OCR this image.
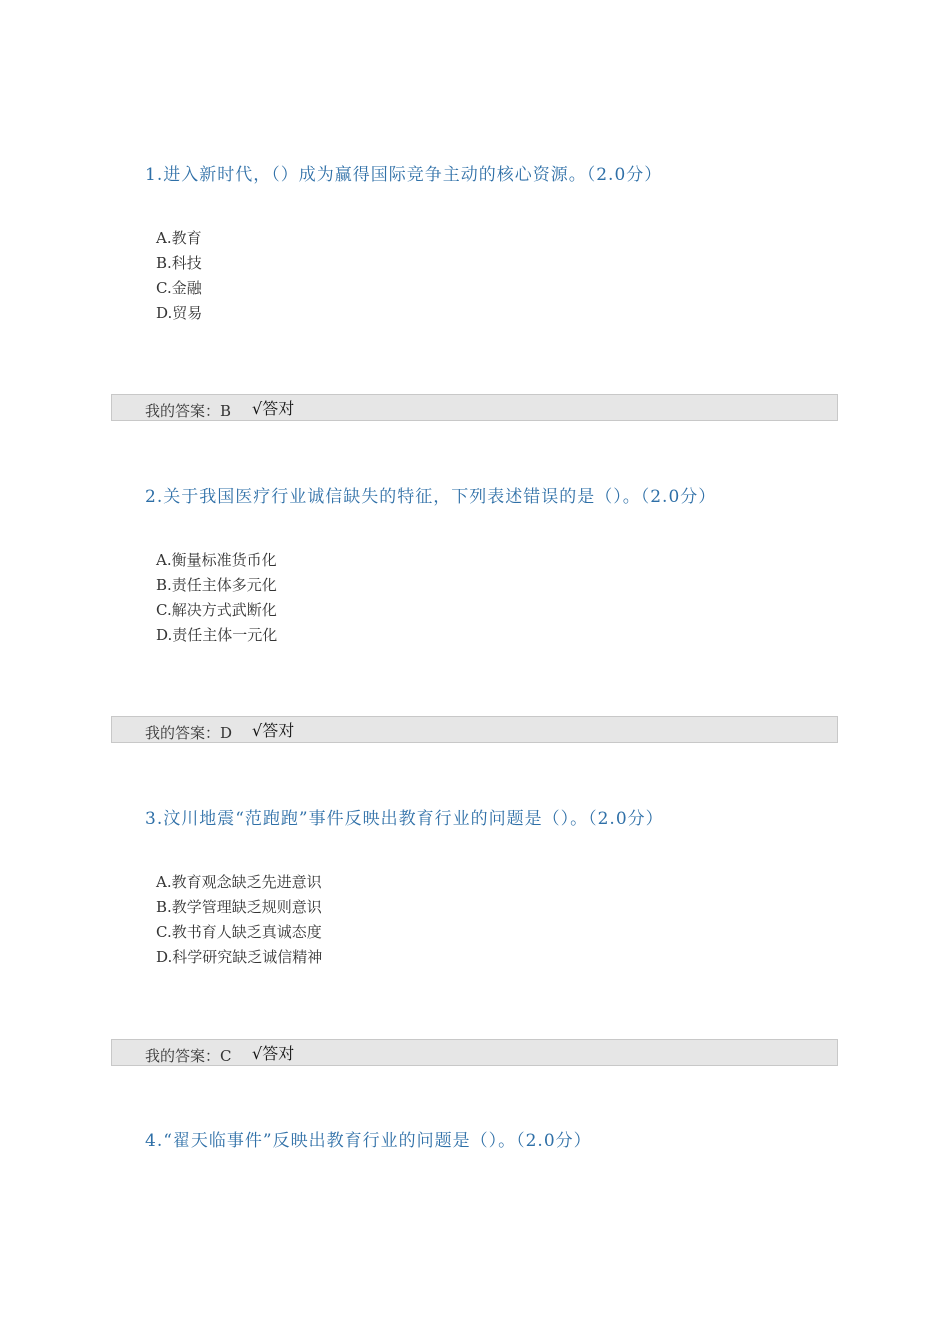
1.进入新时代，（）成为赢得国际竞争主动的核心资源。（2.0分）
A.教育
B.科技
C.金融
D.贸易
我的答案：B √答对
2.关于我国医疗行业诚信缺失的特征，下列表述错误的是（）。（2.0分）
A.衡量标准货币化
B.责任主体多元化
C.解决方式武断化
D.责任主体一元化
我的答案：D √答对
3.汶川地震“范跑跑”事件反映出教育行业的问题是（）。（2.0分）
A.教育观念缺乏先进意识
B.教学管理缺乏规则意识
C.教书育人缺乏真诚态度
D.科学研究缺乏诚信精神
我的答案：C √答对
4.“翟天临事件”反映出教育行业的问题是（）。（2.0分）
